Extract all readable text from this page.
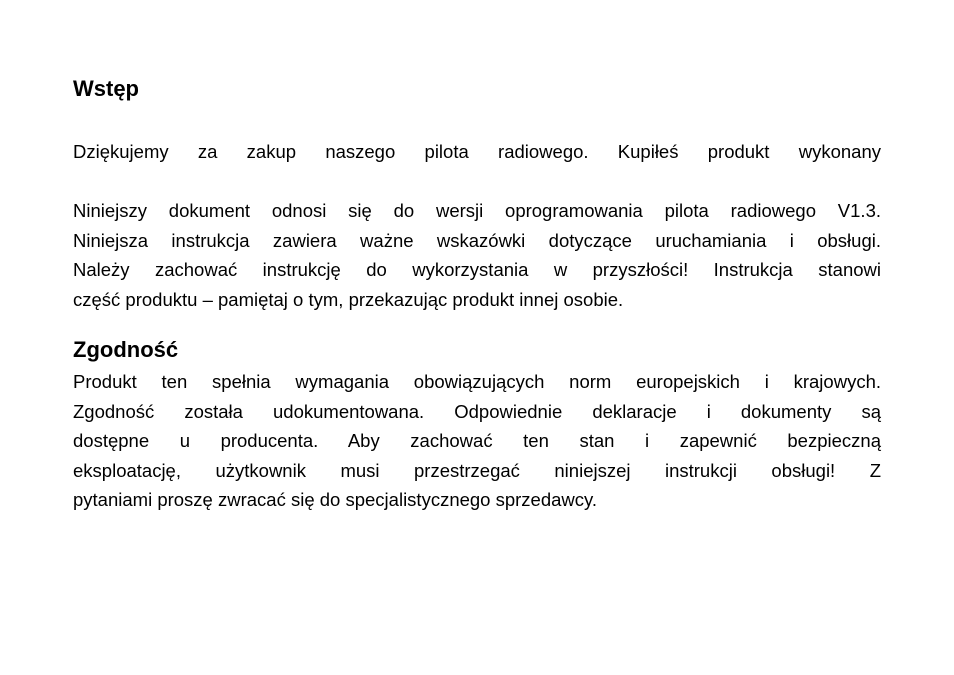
Wstęp

Dziękujemy za zakup naszego pilota radiowego. Kupiłeś produkt wykonany

Niniejszy dokument odnosi się do wersji oprogramowania pilota radiowego V1.3.
Niniejsza instrukcja zawiera ważne wskazówki dotyczące uruchamiania i obsługi.
Należy zachować instrukcję do wykorzystania w przyszłości! Instrukcja stanowi
część produktu – pamiętaj o tym, przekazując produkt innej osobie.

Zgodność

Produkt ten spełnia wymagania obowiązujących norm europejskich i krajowych.
Zgodność została udokumentowana. Odpowiednie deklaracje i dokumenty są
dostępne u producenta. Aby zachować ten stan i zapewnić bezpieczną
eksploatację, użytkownik musi przestrzegać niniejszej instrukcji obsługi! Z
pytaniami proszę zwracać się do specjalistycznego sprzedawcy.
